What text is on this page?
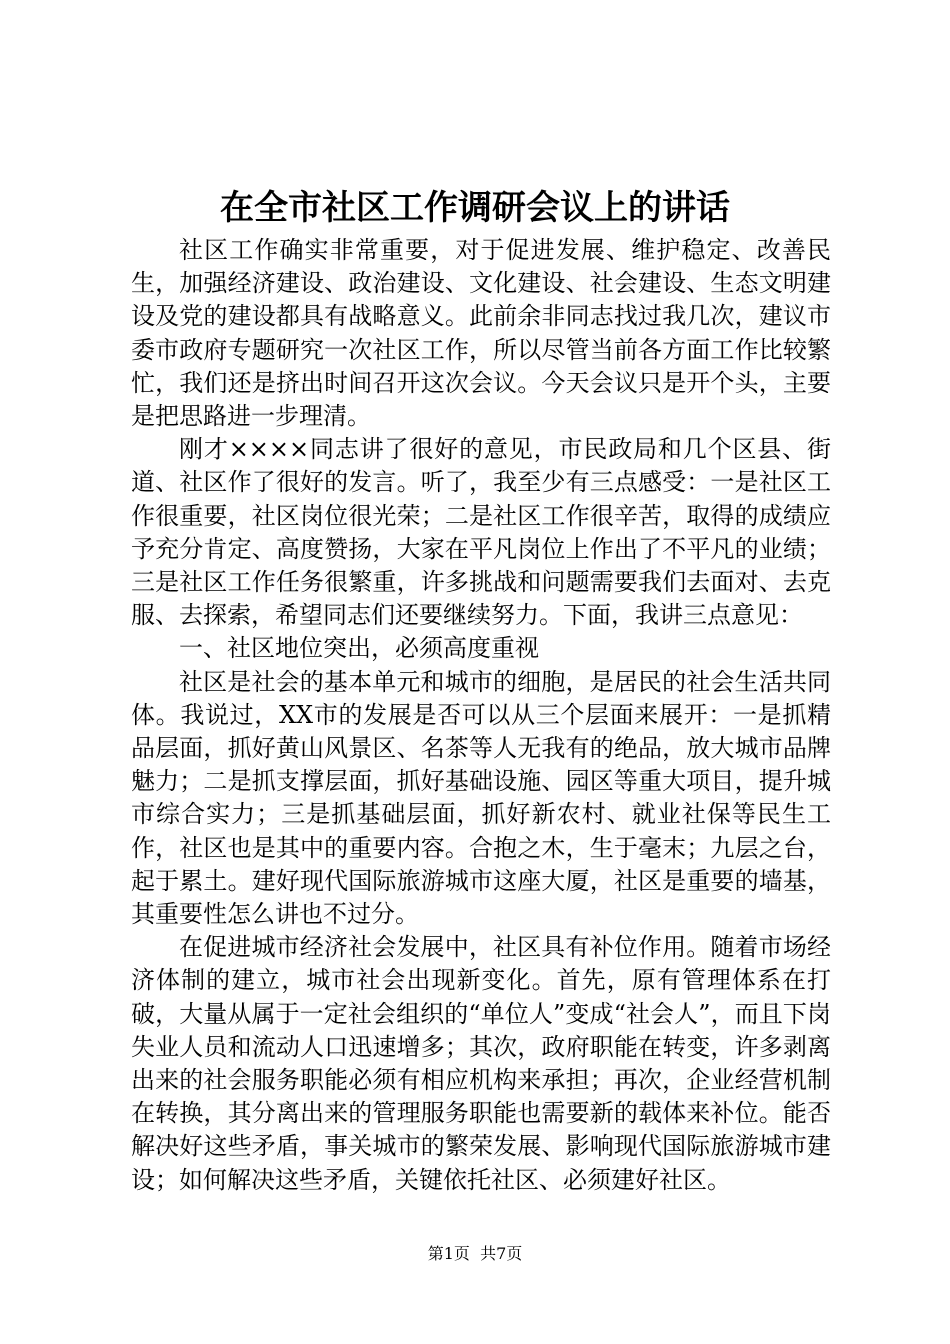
在全市社区工作调研会议上的讲话

社区工作确实非常重要，对于促进发展、维护稳定、改善民生，加强经济建设、政治建设、文化建设、社会建设、生态文明建设及党的建设都具有战略意义。此前余非同志找过我几次，建议市委市政府专题研究一次社区工作，所以尽管当前各方面工作比较繁忙，我们还是挤出时间召开这次会议。今天会议只是开个头，主要是把思路进一步理清。

刚才××××同志讲了很好的意见，市民政局和几个区县、街道、社区作了很好的发言。听了，我至少有三点感受：一是社区工作很重要，社区岗位很光荣；二是社区工作很辛苦，取得的成绩应予充分肯定、高度赞扬，大家在平凡岗位上作出了不平凡的业绩；三是社区工作任务很繁重，许多挑战和问题需要我们去面对、去克服、去探索，希望同志们还要继续努力。下面，我讲三点意见：

一、社区地位突出，必须高度重视

社区是社会的基本单元和城市的细胞，是居民的社会生活共同体。我说过，XX市的发展是否可以从三个层面来展开：一是抓精品层面，抓好黄山风景区、名茶等人无我有的绝品，放大城市品牌魅力；二是抓支撑层面，抓好基础设施、园区等重大项目，提升城市综合实力；三是抓基础层面，抓好新农村、就业社保等民生工作，社区也是其中的重要内容。合抱之木，生于毫末；九层之台，起于累土。建好现代国际旅游城市这座大厦，社区是重要的墙基，其重要性怎么讲也不过分。

在促进城市经济社会发展中，社区具有补位作用。随着市场经济体制的建立，城市社会出现新变化。首先，原有管理体系在打破，大量从属于一定社会组织的“单位人”变成“社会人”，而且下岗失业人员和流动人口迅速增多；其次，政府职能在转变，许多剥离出来的社会服务职能必须有相应机构来承担；再次，企业经营机制在转换，其分离出来的管理服务职能也需要新的载体来补位。能否解决好这些矛盾，事关城市的繁荣发展、影响现代国际旅游城市建设；如何解决这些矛盾，关键依托社区、必须建好社区。

第1页 共7页
